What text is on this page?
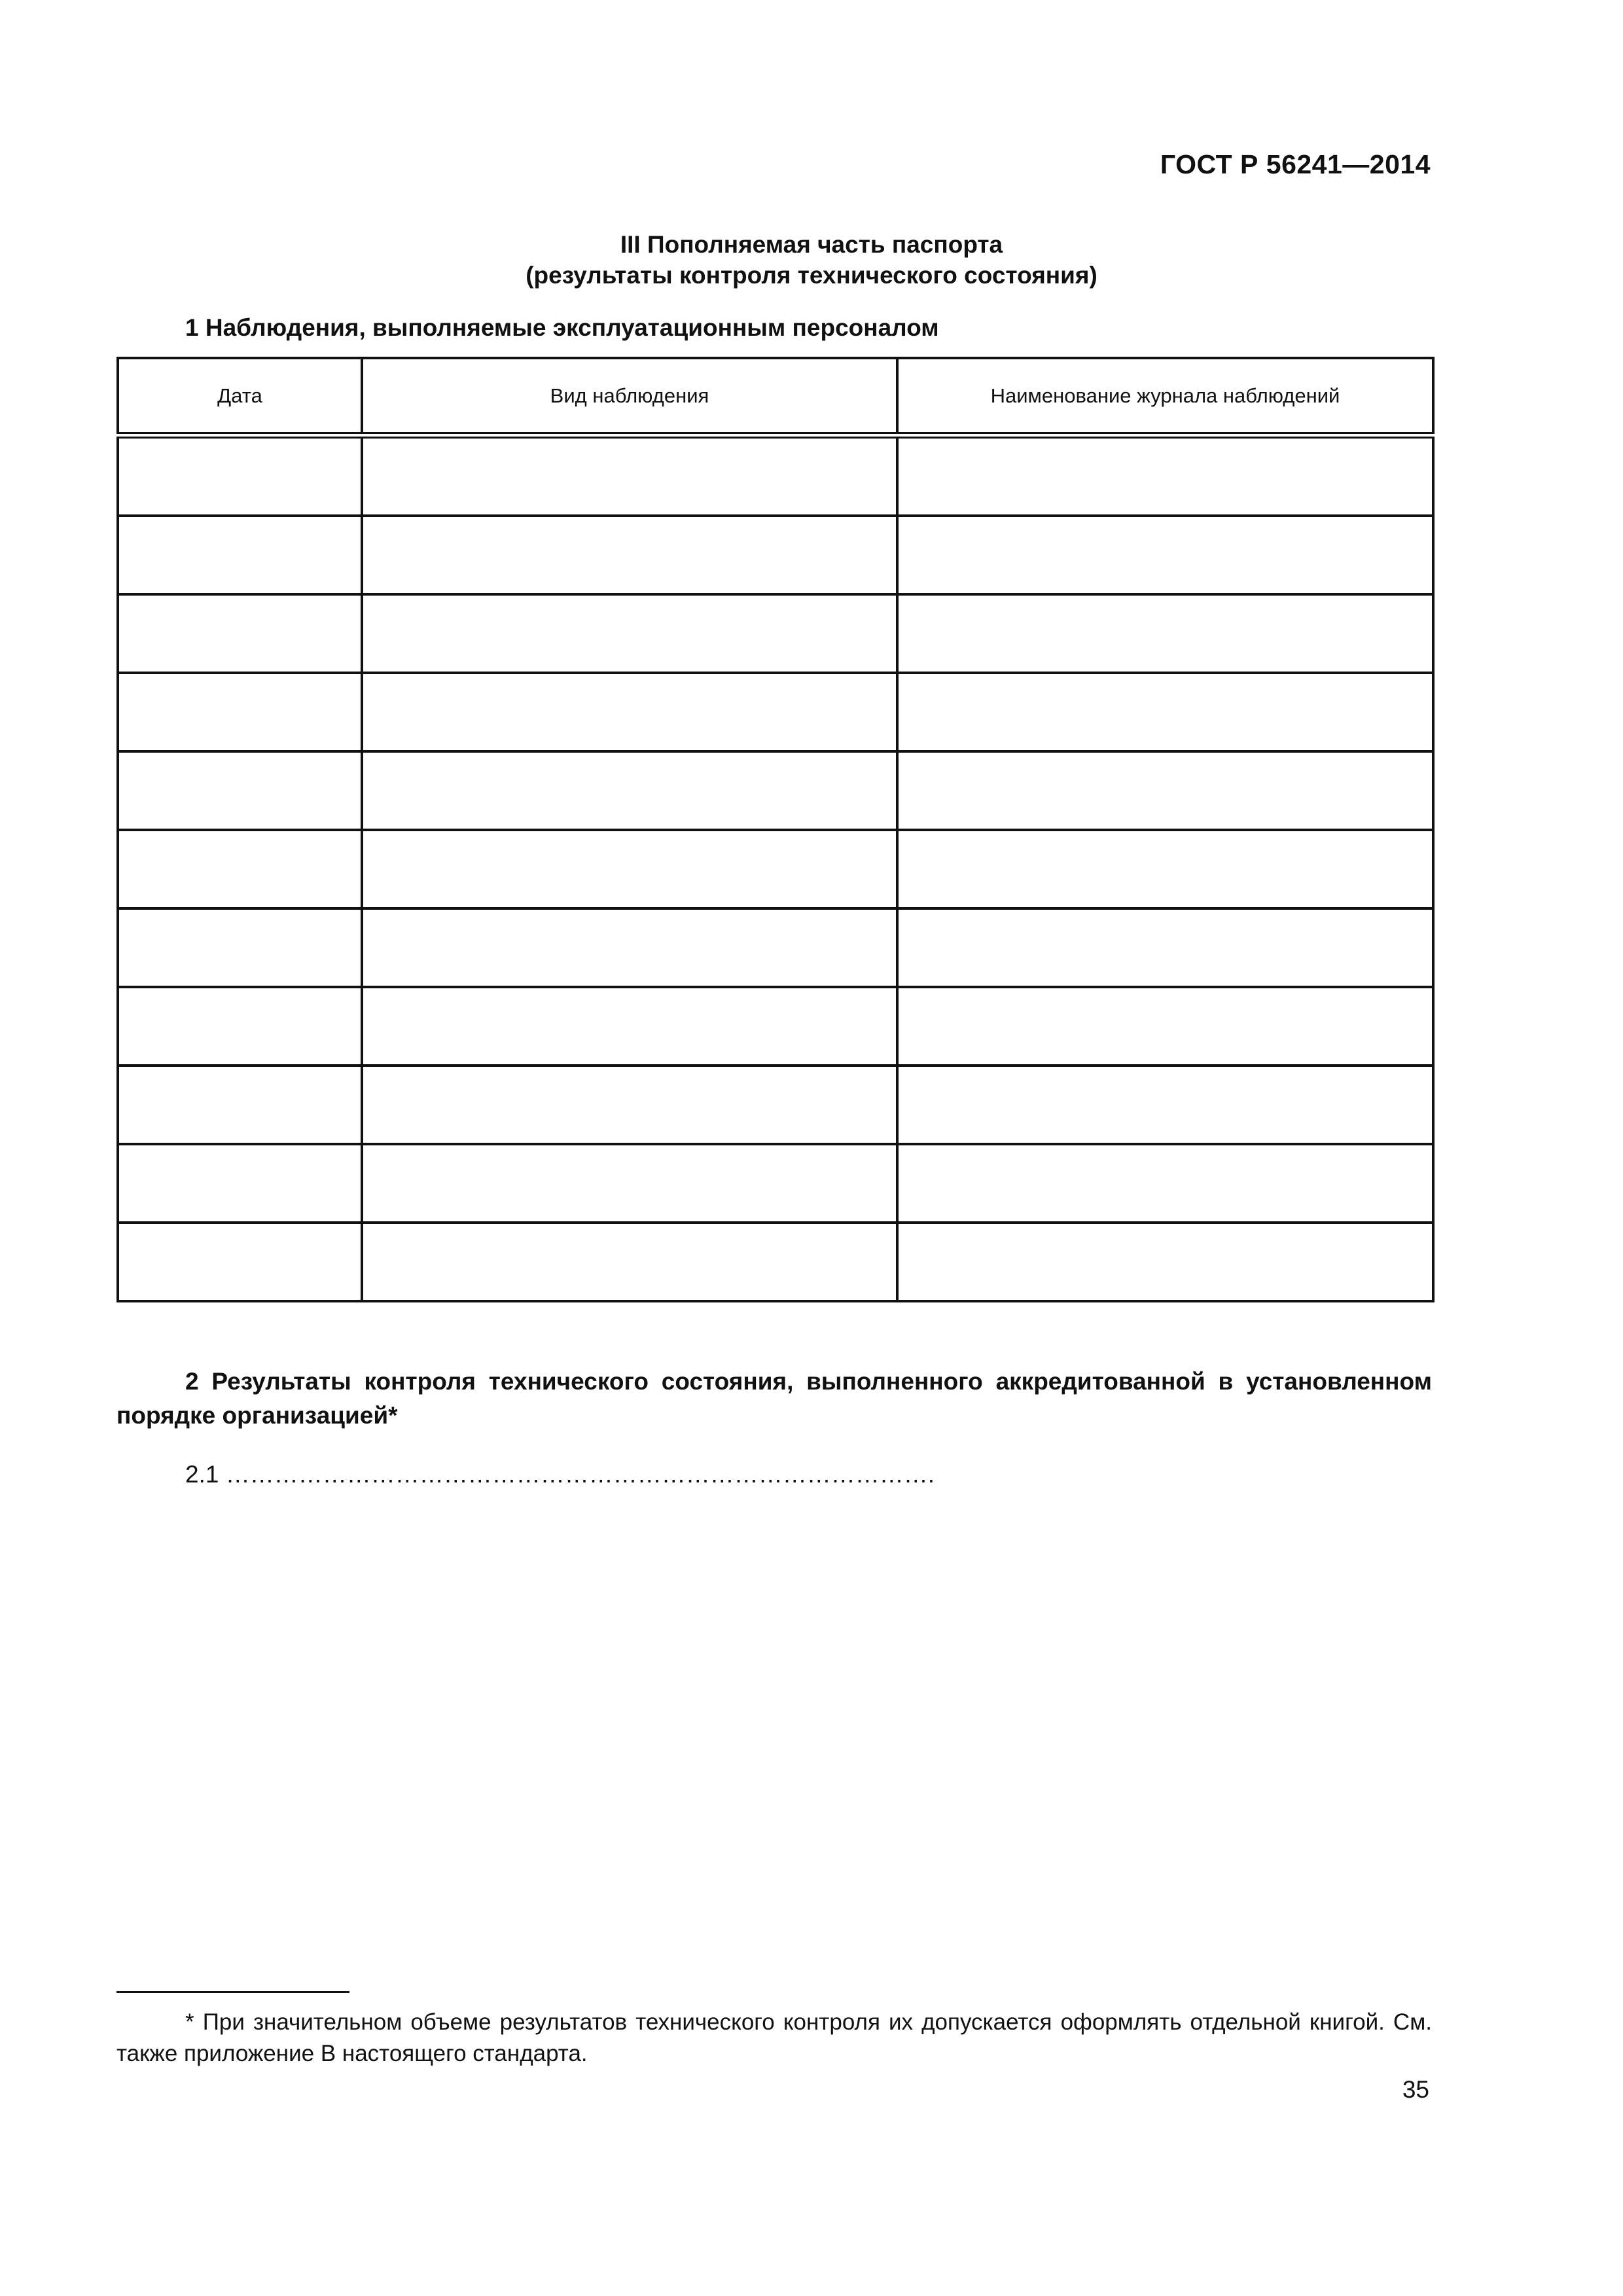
ГОСТ Р 56241—2014
III Пополняемая часть паспорта
(результаты контроля технического состояния)
1 Наблюдения, выполняемые эксплуатационным персоналом
Дата	Вид наблюдения	Наименование журнала наблюдений

2 Результаты контроля технического состояния, выполненного аккредитованной в установленном порядке организацией*
2.1 …………………………………………………………………………….
* При значительном объеме результатов технического контроля их допускается оформлять отдельной книгой. См. также приложение В настоящего стандарта.
35
